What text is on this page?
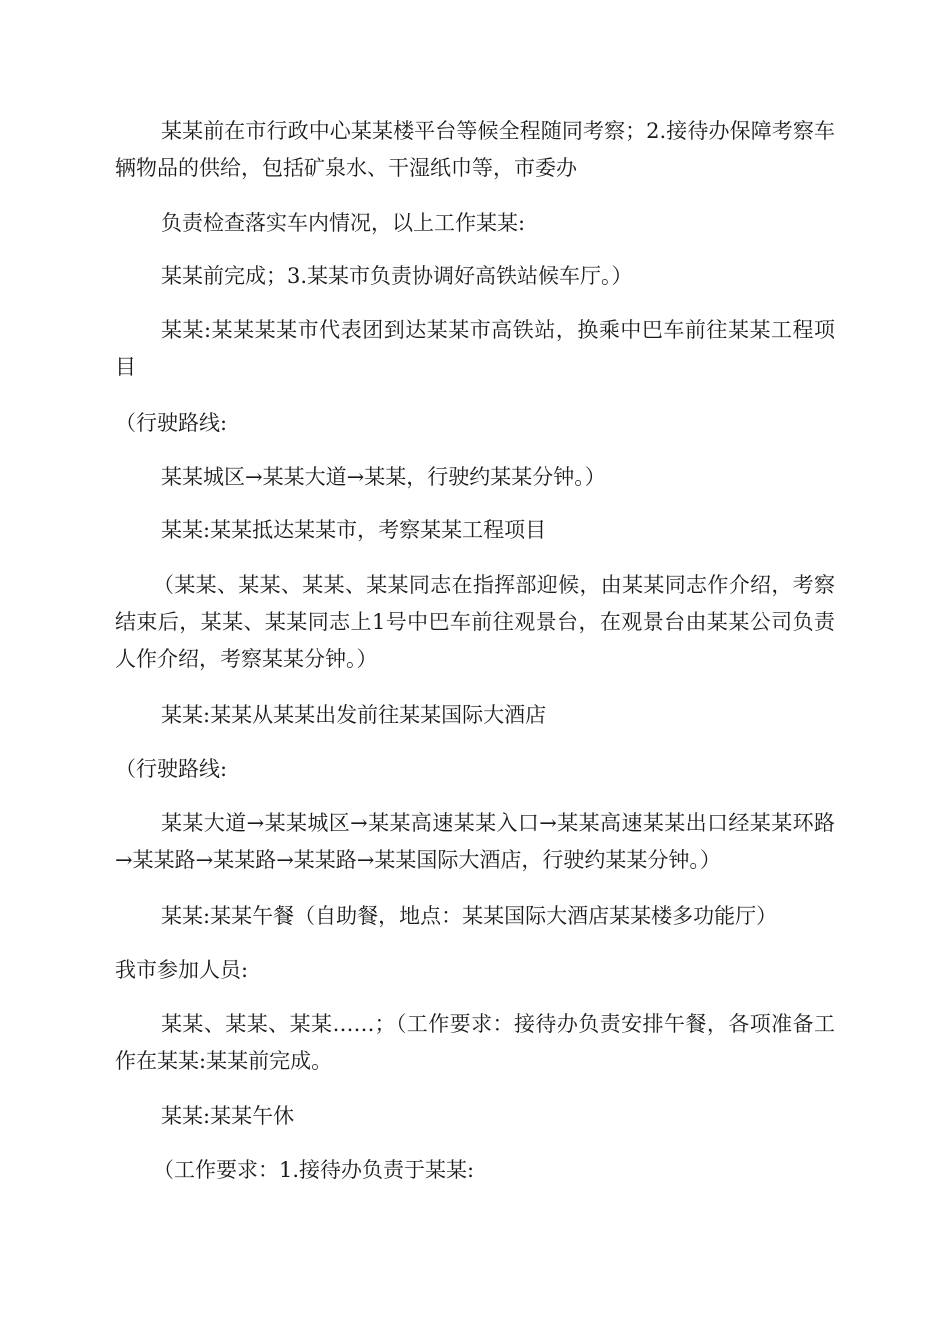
某某前在市行政中心某某楼平台等候全程随同考察；2.接待办保障考察车辆物品的供给，包括矿泉水、干湿纸巾等，市委办

负责检查落实车内情况，以上工作某某:

某某前完成；3.某某市负责协调好高铁站候车厅。）

某某:某某某某市代表团到达某某市高铁站，换乘中巴车前往某某工程项目

（行驶路线:

某某城区→某某大道→某某，行驶约某某分钟。）

某某:某某抵达某某市，考察某某工程项目

（某某、某某、某某、某某同志在指挥部迎候，由某某同志作介绍，考察结束后，某某、某某同志上1号中巴车前往观景台，在观景台由某某公司负责人作介绍，考察某某分钟。）

某某:某某从某某出发前往某某国际大酒店

（行驶路线:

某某大道→某某城区→某某高速某某入口→某某高速某某出口经某某环路→某某路→某某路→某某路→某某国际大酒店，行驶约某某分钟。）

某某:某某午餐（自助餐，地点：某某国际大酒店某某楼多功能厅）

我市参加人员:

某某、某某、某某……；（工作要求：接待办负责安排午餐，各项准备工作在某某:某某前完成。

某某:某某午休

（工作要求：1.接待办负责于某某:
